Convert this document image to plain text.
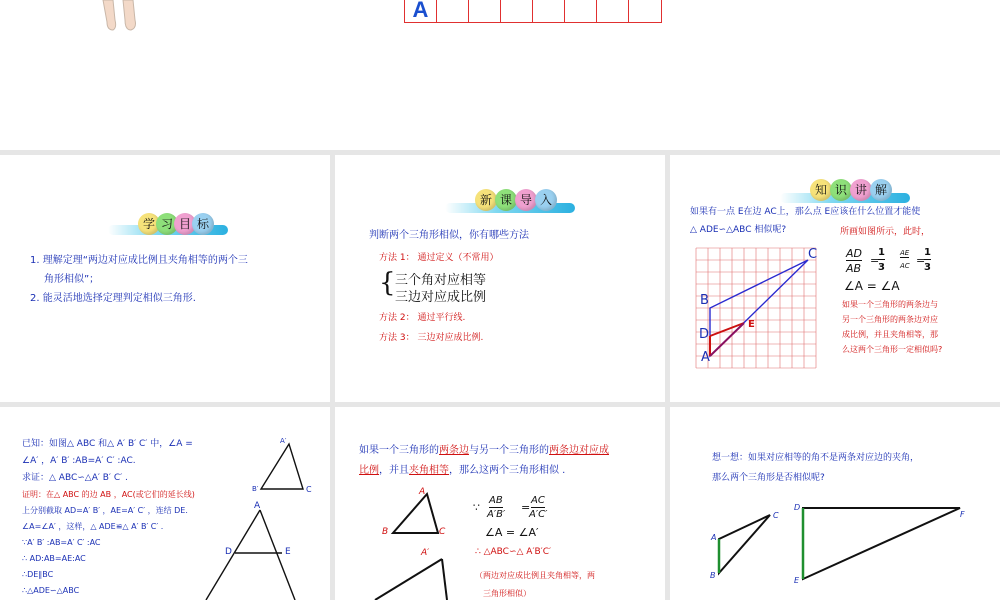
A
学 习 目 标
1. 理解定理“两边对应成比例且夹角相等的两个三
角形相似”；
2. 能灵活地选择定理判定相似三角形.
新 课 导 入
判断两个三角形相似，你有哪些方法
方法 1： 通过定义（不常用）
{ 三个角对应相等
三边对应成比例
方法 2： 通过平行线.
方法 3： 三边对应成比例.
知 识 讲 解
如果有一点 E在边 AC上，那么点 E应该在什么位置才能使
△ ADE∽△ABC 相似呢?
C
B
D
A
E
所画如图所示，此时，
AD
AB
=
1
3
AE
AC =
1
3
∠A = ∠A
如果一个三角形的两条边与
另一个三角形的两条边对应
成比例，并且夹角相等，那
么这两个三角形一定相似吗?
已知：如图△ ABC 和△ A′ B′ C′ 中，∠A =
∠A′ ，A′ B′ :AB=A′ C′ :AC.
求证：△ ABC∽△A′ B′ C′ .
证明：在△ ABC 的边 AB ，AC(或它们的延长线)
上分别截取 AD=A′ B′ ，AE=A′ C′ ，连结 DE.
∠A=∠A′ ，这样，△ ADE≌△ A′ B′ C′ .
∵A′ B′ :AB=A′ C′ :AC
∴ AD:AB=AE:AC
∴DE∥BC
∴△ADE∽△ABC
A′
B′	C
A
D	E
如果一个三角形的两条边与另一个三角形的两条边对应成
比例，并且夹角相等，那么这两个三角形相似 .
A
B	C
A′
∵
AB
A′B′
=
AC
A′C′
∠A = ∠A′
∴ △ABC∽△ A′B′C′
（两边对应成比例且夹角相等，两
三角形相似）
想一想：如果对应相等的角不是两条对应边的夹角，
那么两个三角形是否相似呢?
C
A
B
D
F
E
